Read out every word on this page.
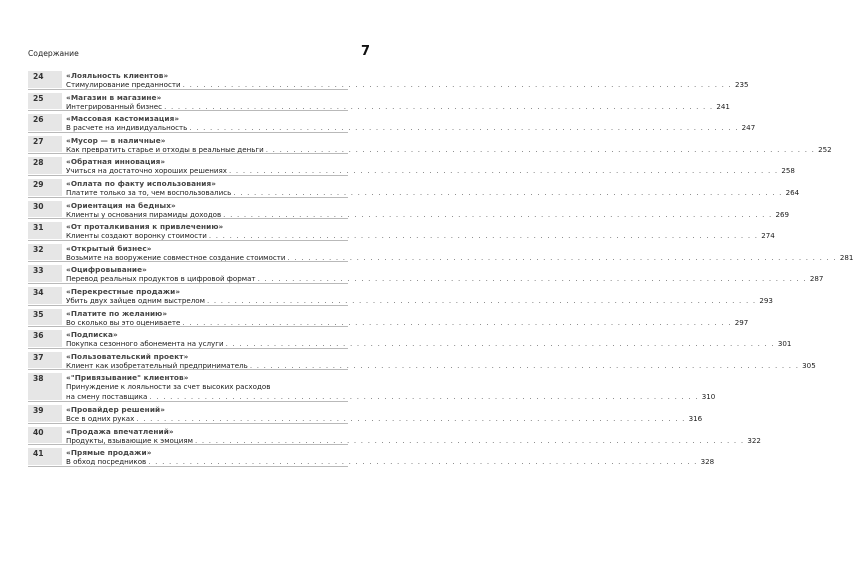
Содержание	7
24	«Лояльность клиентов»
Стимулирование преданности . . . . . . . . . . . . . . . . . . . . . . . . . . . . . . . . . . . . . . . . . . . . . . . . . . . . . . . . . . . . . . . . . . . . . . . . . . . . . . . . 235
25	«Магазин в магазине»
Интегрированный бизнес . . . . . . . . . . . . . . . . . . . . . . . . . . . . . . . . . . . . . . . . . . . . . . . . . . . . . . . . . . . . . . . . . . . . . . . . . . . . . . . . 241
26	«Массовая кастомизация»
В расчете на индивидуальность . . . . . . . . . . . . . . . . . . . . . . . . . . . . . . . . . . . . . . . . . . . . . . . . . . . . . . . . . . . . . . . . . . . . . . . . . . . . . . . . 247
27	«Мусор — в наличные»
Как превратить старье и отходы в реальные деньги . . . . . . . . . . . . . . . . . . . . . . . . . . . . . . . . . . . . . . . . . . . . . . . . . . . . . . . . . . . . . . . . . . . . . . . . . . . . . . . . 252
28	«Обратная инновация»
Учиться на достаточно хороших решениях . . . . . . . . . . . . . . . . . . . . . . . . . . . . . . . . . . . . . . . . . . . . . . . . . . . . . . . . . . . . . . . . . . . . . . . . . . . . . . . . 258
29	«Оплата по факту использования»
Платите только за то, чем воспользовались . . . . . . . . . . . . . . . . . . . . . . . . . . . . . . . . . . . . . . . . . . . . . . . . . . . . . . . . . . . . . . . . . . . . . . . . . . . . . . . . 264
30	«Ориентация на бедных»
Клиенты у основания пирамиды доходов . . . . . . . . . . . . . . . . . . . . . . . . . . . . . . . . . . . . . . . . . . . . . . . . . . . . . . . . . . . . . . . . . . . . . . . . . . . . . . . . 269
31	«От проталкивания к привлечению»
Клиенты создают воронку стоимости . . . . . . . . . . . . . . . . . . . . . . . . . . . . . . . . . . . . . . . . . . . . . . . . . . . . . . . . . . . . . . . . . . . . . . . . . . . . . . . . 274
32	«Открытый бизнес»
Возьмите на вооружение совместное создание стоимости . . . . . . . . . . . . . . . . . . . . . . . . . . . . . . . . . . . . . . . . . . . . . . . . . . . . . . . . . . . . . . . . . . . . . . . . . . . . . . . . 281
33	«Оцифровывание»
Перевод реальных продуктов в цифровой формат . . . . . . . . . . . . . . . . . . . . . . . . . . . . . . . . . . . . . . . . . . . . . . . . . . . . . . . . . . . . . . . . . . . . . . . . . . . . . . . . 287
34	«Перекрестные продажи»
Убить двух зайцев одним выстрелом . . . . . . . . . . . . . . . . . . . . . . . . . . . . . . . . . . . . . . . . . . . . . . . . . . . . . . . . . . . . . . . . . . . . . . . . . . . . . . . . 293
35	«Платите по желанию»
Во сколько вы это оцениваете . . . . . . . . . . . . . . . . . . . . . . . . . . . . . . . . . . . . . . . . . . . . . . . . . . . . . . . . . . . . . . . . . . . . . . . . . . . . . . . . 297
36	«Подписка»
Покупка сезонного абонемента на услуги . . . . . . . . . . . . . . . . . . . . . . . . . . . . . . . . . . . . . . . . . . . . . . . . . . . . . . . . . . . . . . . . . . . . . . . . . . . . . . . . 301
37	«Пользовательский проект»
Клиент как изобретательный предприниматель . . . . . . . . . . . . . . . . . . . . . . . . . . . . . . . . . . . . . . . . . . . . . . . . . . . . . . . . . . . . . . . . . . . . . . . . . . . . . . . . 305
38	«"Привязывание" клиентов»
Принуждение к лояльности за счет высоких расходов
на смену поставщика . . . . . . . . . . . . . . . . . . . . . . . . . . . . . . . . . . . . . . . . . . . . . . . . . . . . . . . . . . . . . . . . . . . . . . . . . . . . . . . . 310
39	«Провайдер решений»
Все в одних руках . . . . . . . . . . . . . . . . . . . . . . . . . . . . . . . . . . . . . . . . . . . . . . . . . . . . . . . . . . . . . . . . . . . . . . . . . . . . . . . . 316
40	«Продажа впечатлений»
Продукты, взывающие к эмоциям . . . . . . . . . . . . . . . . . . . . . . . . . . . . . . . . . . . . . . . . . . . . . . . . . . . . . . . . . . . . . . . . . . . . . . . . . . . . . . . . 322
41	«Прямые продажи»
В обход посредников . . . . . . . . . . . . . . . . . . . . . . . . . . . . . . . . . . . . . . . . . . . . . . . . . . . . . . . . . . . . . . . . . . . . . . . . . . . . . . . . 328
